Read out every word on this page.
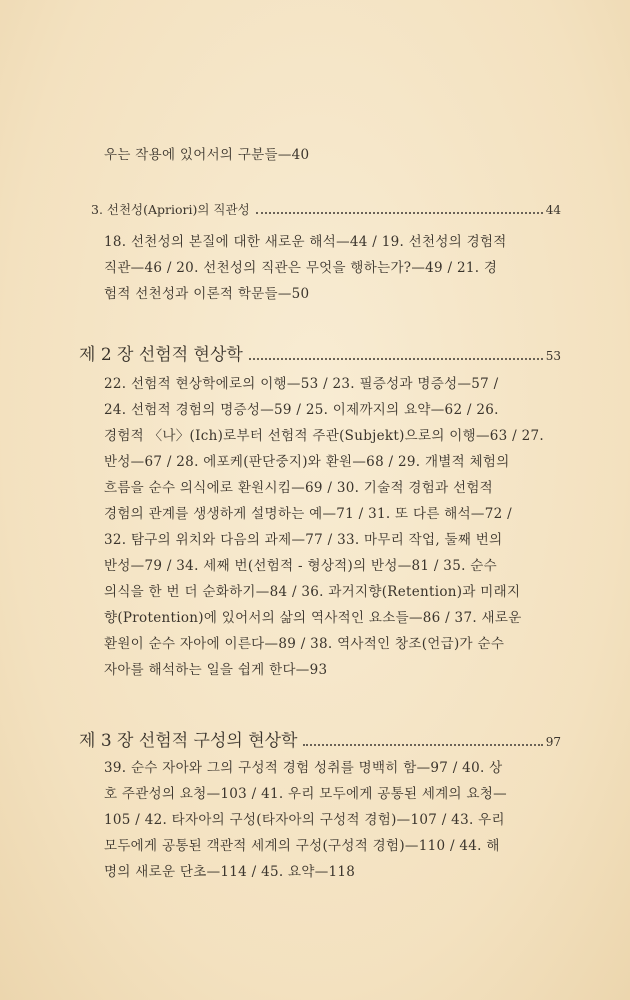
우는 작용에 있어서의 구분들—40
3. 선천성(Apriori)의 직관성	44
18. 선천성의 본질에 대한 새로운 해석—44 / 19. 선천성의 경험적
직관—46 / 20. 선천성의 직관은 무엇을 행하는가?—49 / 21. 경
험적 선천성과 이론적 학문들—50
제 2 장 선험적 현상학	53
22. 선험적 현상학에로의 이행—53 / 23. 필증성과 명증성—57 /
24. 선험적 경험의 명증성—59 / 25. 이제까지의 요약—62 / 26.
경험적 〈나〉(Ich)로부터 선험적 주관(Subjekt)으로의 이행—63 / 27.
반성—67 / 28. 에포케(판단중지)와 환원—68 / 29. 개별적 체험의
흐름을 순수 의식에로 환원시킴—69 / 30. 기술적 경험과 선험적
경험의 관계를 생생하게 설명하는 예—71 / 31. 또 다른 해석—72 /
32. 탐구의 위치와 다음의 과제—77 / 33. 마무리 작업, 둘째 번의
반성—79 / 34. 세째 번(선험적 - 형상적)의 반성—81 / 35. 순수
의식을 한 번 더 순화하기—84 / 36. 과거지향(Retention)과 미래지
향(Protention)에 있어서의 삶의 역사적인 요소들—86 / 37. 새로운
환원이 순수 자아에 이른다—89 / 38. 역사적인 창조(언급)가 순수
자아를 해석하는 일을 쉽게 한다—93
제 3 장 선험적 구성의 현상학	97
39. 순수 자아와 그의 구성적 경험 성취를 명백히 함—97 / 40. 상
호 주관성의 요청—103 / 41. 우리 모두에게 공통된 세계의 요청—
105 / 42. 타자아의 구성(타자아의 구성적 경험)—107 / 43. 우리
모두에게 공통된 객관적 세계의 구성(구성적 경험)—110 / 44. 해
명의 새로운 단초—114 / 45. 요약—118
